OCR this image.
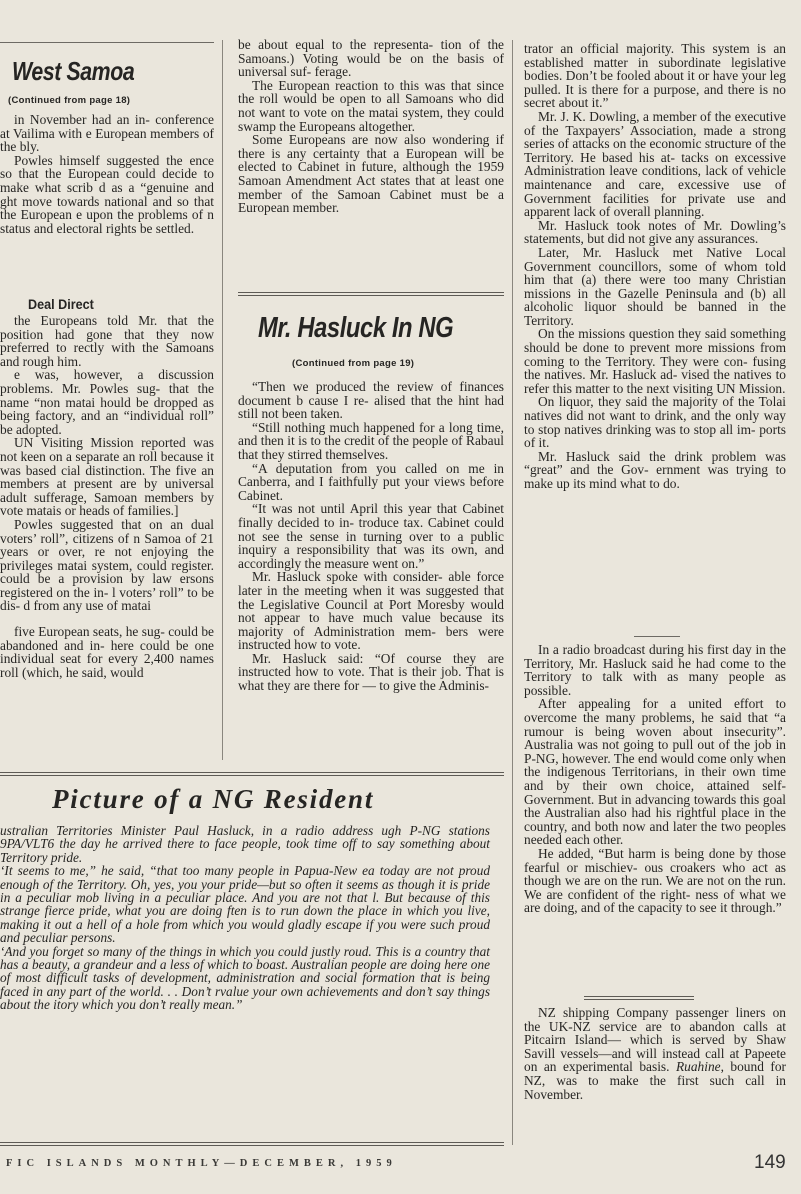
West Samoa
(Continued from page 18)

in November had an in- conference at Vailima with e European members of the bly.

Powles himself suggested the ence so that the European could decide to make what scrib d as a “genuine and ght move towards national and so that the European e upon the problems of n status and electoral rights be settled.

Deal Direct

the Europeans told Mr. that the position had gone that they now preferred to rectly with the Samoans and rough him.

e was, however, a discussion problems. Mr. Powles sug- that the name “non matai hould be dropped as being factory, and an “individual roll” be adopted.

UN Visiting Mission reported was not keen on a separate an roll because it was based cial distinction. The five an members at present are by universal adult sufferage, Samoan members by vote matais or heads of families.]

Powles suggested that on an dual voters’ roll”, citizens of n Samoa of 21 years or over, re not enjoying the privileges matai system, could register. could be a provision by law ersons registered on the in- l voters’ roll” to be dis- d from any use of matai

five European seats, he sug- could be abandoned and in- here could be one individual seat for every 2,400 names roll (which, he said, would

be about equal to the representa- tion of the Samoans.) Voting would be on the basis of universal suf- ferage.

The European reaction to this was that since the roll would be open to all Samoans who did not want to vote on the matai system, they could swamp the Europeans altogether.

Some Europeans are now also wondering if there is any certainty that a European will be elected to Cabinet in future, although the 1959 Samoan Amendment Act states that at least one member of the Samoan Cabinet must be a European member.

Mr. Hasluck In NG
(Continued from page 19)

“Then we produced the review of finances document b cause I re- alised that the hint had still not been taken.

“Still nothing much happened for a long time, and then it is to the credit of the people of Rabaul that they stirred themselves.

“A deputation from you called on me in Canberra, and I faithfully put your views before Cabinet.

“It was not until April this year that Cabinet finally decided to in- troduce tax. Cabinet could not see the sense in turning over to a public inquiry a responsibility that was its own, and accordingly the measure went on.”

Mr. Hasluck spoke with consider- able force later in the meeting when it was suggested that the Legislative Council at Port Moresby would not appear to have much value because its majority of Administration mem- bers were instructed how to vote.

Mr. Hasluck said: “Of course they are instructed how to vote. That is their job. That is what they are there for — to give the Adminis-

trator an official majority. This system is an established matter in subordinate legislative bodies. Don’t be fooled about it or have your leg pulled. It is there for a purpose, and there is no secret about it.”

Mr. J. K. Dowling, a member of the executive of the Taxpayers’ Association, made a strong series of attacks on the economic structure of the Territory. He based his at- tacks on excessive Administration leave conditions, lack of vehicle maintenance and care, excessive use of Government facilities for private use and apparent lack of overall planning.

Mr. Hasluck took notes of Mr. Dowling’s statements, but did not give any assurances.

Later, Mr. Hasluck met Native Local Government councillors, some of whom told him that (a) there were too many Christian missions in the Gazelle Peninsula and (b) all alcoholic liquor should be banned in the Territory.

On the missions question they said something should be done to prevent more missions from coming to the Territory. They were con- fusing the natives. Mr. Hasluck ad- vised the natives to refer this matter to the next visiting UN Mission.

On liquor, they said the majority of the Tolai natives did not want to drink, and the only way to stop natives drinking was to stop all im- ports of it.

Mr. Hasluck said the drink problem was “great” and the Gov- ernment was trying to make up its mind what to do.

In a radio broadcast during his first day in the Territory, Mr. Hasluck said he had come to the Territory to talk with as many people as possible.

After appealing for a united effort to overcome the many problems, he said that “a rumour is being woven about insecurity”. Australia was not going to pull out of the job in P-NG, however. The end would come only when the indigenous Territorians, in their own time and by their own choice, attained self-Government. But in advancing towards this goal the Australian also had his rightful place in the country, and both now and later the two peoples needed each other.

He added, “But harm is being done by those fearful or mischiev- ous croakers who act as though we are on the run. We are not on the run. We are confident of the right- ness of what we are doing, and of the capacity to see it through.”

NZ shipping Company passenger liners on the UK-NZ service are to abandon calls at Pitcairn Island— which is served by Shaw Savill vessels—and will instead call at Papeete on an experimental basis. Ruahine, bound for NZ, was to make the first such call in November.

Picture of a NG Resident

ustralian Territories Minister Paul Hasluck, in a radio address ugh P-NG stations 9PA/VLT6 the day he arrived there to face people, took time off to say something about Territory pride.

‘It seems to me,” he said, “that too many people in Papua-New ea today are not proud enough of the Territory. Oh, yes, you your pride—but so often it seems as though it is pride in a peculiar mob living in a peculiar place. And you are not that l. But because of this strange fierce pride, what you are doing ften is to run down the place in which you live, making it out a hell of a hole from which you would gladly escape if you were such proud and peculiar persons.

‘And you forget so many of the things in which you could justly roud. This is a country that has a beauty, a grandeur and a less of which to boast. Australian people are doing here one of most difficult tasks of development, administration and social formation that is being faced in any part of the world. . . Don’t rvalue your own achievements and don’t say things about the itory which you don’t really mean.”

FIC ISLANDS MONTHLY—DECEMBER, 1959	149
